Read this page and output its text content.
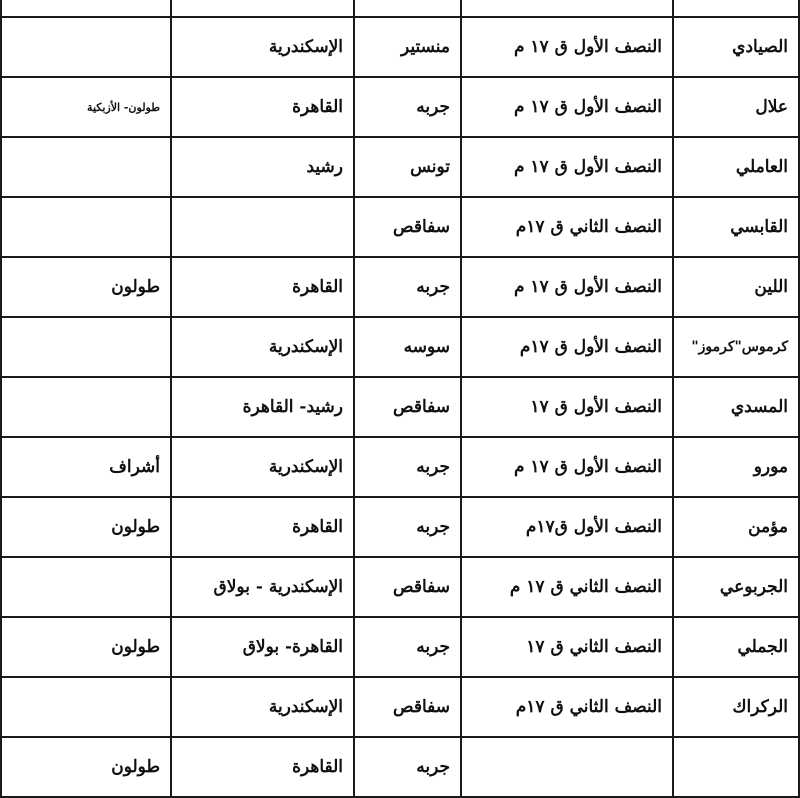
الصيادي	النصف الأول ق ١٧ م	منستير	الإسكندرية	
علال	النصف الأول ق ١٧ م	جربه	القاهرة	طولون- الأزبكية
العاملي	النصف الأول ق ١٧ م	تونس	رشيد	
القابسي	النصف الثاني ق ١٧م	سفاقص		
اللين	النصف الأول ق ١٧ م	جربه	القاهرة	طولون
كرموس"كرموز"	النصف الأول ق ١٧م	سوسه	الإسكندرية	
المسدي	النصف الأول ق ١٧	سفاقص	رشيد- القاهرة	
مورو	النصف الأول ق ١٧ م	جربه	الإسكندرية	أشراف
مؤمن	النصف الأول ق١٧م	جربه	القاهرة	طولون
الجربوعي	النصف الثاني ق ١٧ م	سفاقص	الإسكندرية - بولاق	
الجملي	النصف الثاني ق ١٧	جربه	القاهرة- بولاق	طولون
الركراك	النصف الثاني ق ١٧م	سفاقص	الإسكندرية	
		جربه	القاهرة	طولون
